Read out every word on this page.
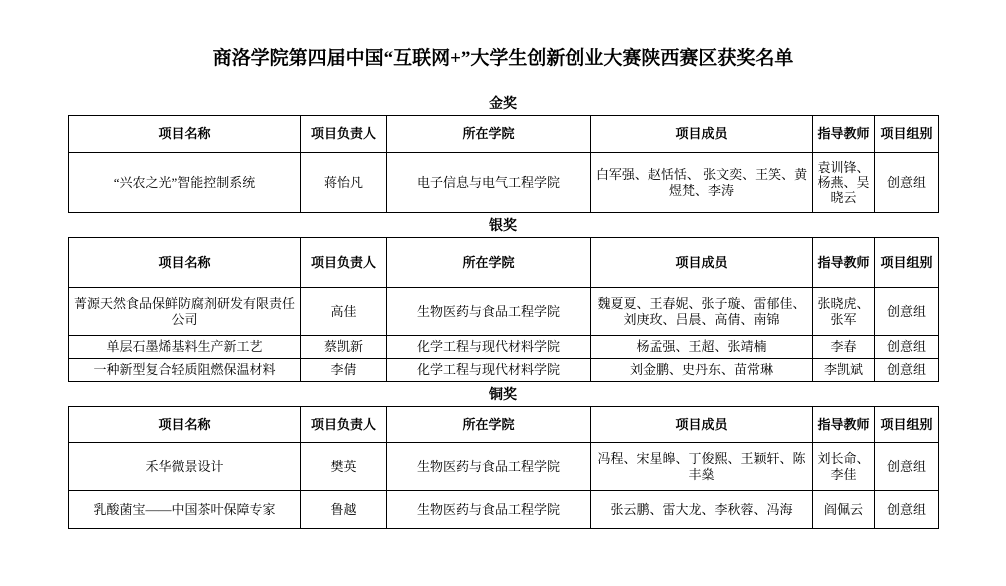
商洛学院第四届中国“互联网+”大学生创新创业大赛陕西赛区获奖名单
金奖
项目名称	项目负责人	所在学院	项目成员	指导教师	项目组别
“兴农之光”智能控制系统	蒋怡凡	电子信息与电气工程学院	白军强、赵恬恬、 张文奕、王笑、黄煜梵、李涛	袁训锋、杨燕、吴晓云	创意组
银奖
项目名称	项目负责人	所在学院	项目成员	指导教师	项目组别
菁源天然食品保鲜防腐剂研发有限责任公司	高佳	生物医药与食品工程学院	魏夏夏、王春妮、张子璇、雷郁佳、刘庚玫、吕晨、高倩、南锦	张晓虎、张军	创意组
单层石墨烯基料生产新工艺	蔡凯新	化学工程与现代材料学院	杨孟强、王超、张靖楠	李春	创意组
一种新型复合轻质阻燃保温材料	李倩	化学工程与现代材料学院	刘金鹏、史丹东、苗常琳	李凯斌	创意组
铜奖
项目名称	项目负责人	所在学院	项目成员	指导教师	项目组别
禾华微景设计	樊英	生物医药与食品工程学院	冯程、宋星皞、丁俊熙、王颖轩、陈丰燊	刘长命、李佳	创意组
乳酸菌宝——中国茶叶保障专家	鲁越	生物医药与食品工程学院	张云鹏、雷大龙、李秋蓉、冯海	阎佩云	创意组
